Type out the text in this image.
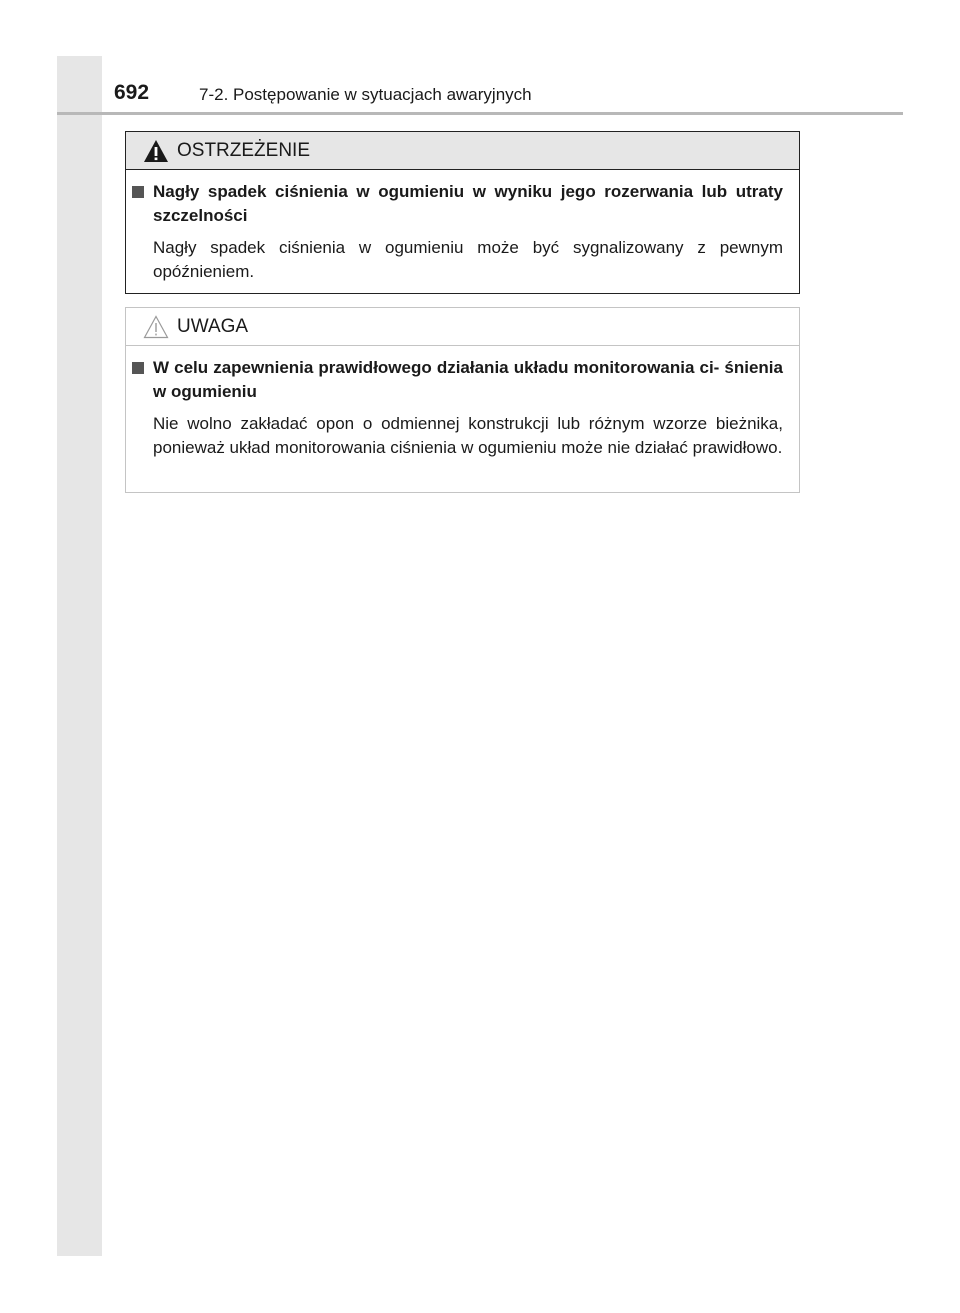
692	7-2. Postępowanie w sytuacjach awaryjnych
OSTRZEŻENIE
Nagły spadek ciśnienia w ogumieniu w wyniku jego rozerwania lub utraty szczelności
Nagły spadek ciśnienia w ogumieniu może być sygnalizowany z pewnym opóźnieniem.
UWAGA
W celu zapewnienia prawidłowego działania układu monitorowania ci- śnienia w ogumieniu
Nie wolno zakładać opon o odmiennej konstrukcji lub różnym wzorze bieżnika, ponieważ układ monitorowania ciśnienia w ogumieniu może nie działać prawidłowo.
